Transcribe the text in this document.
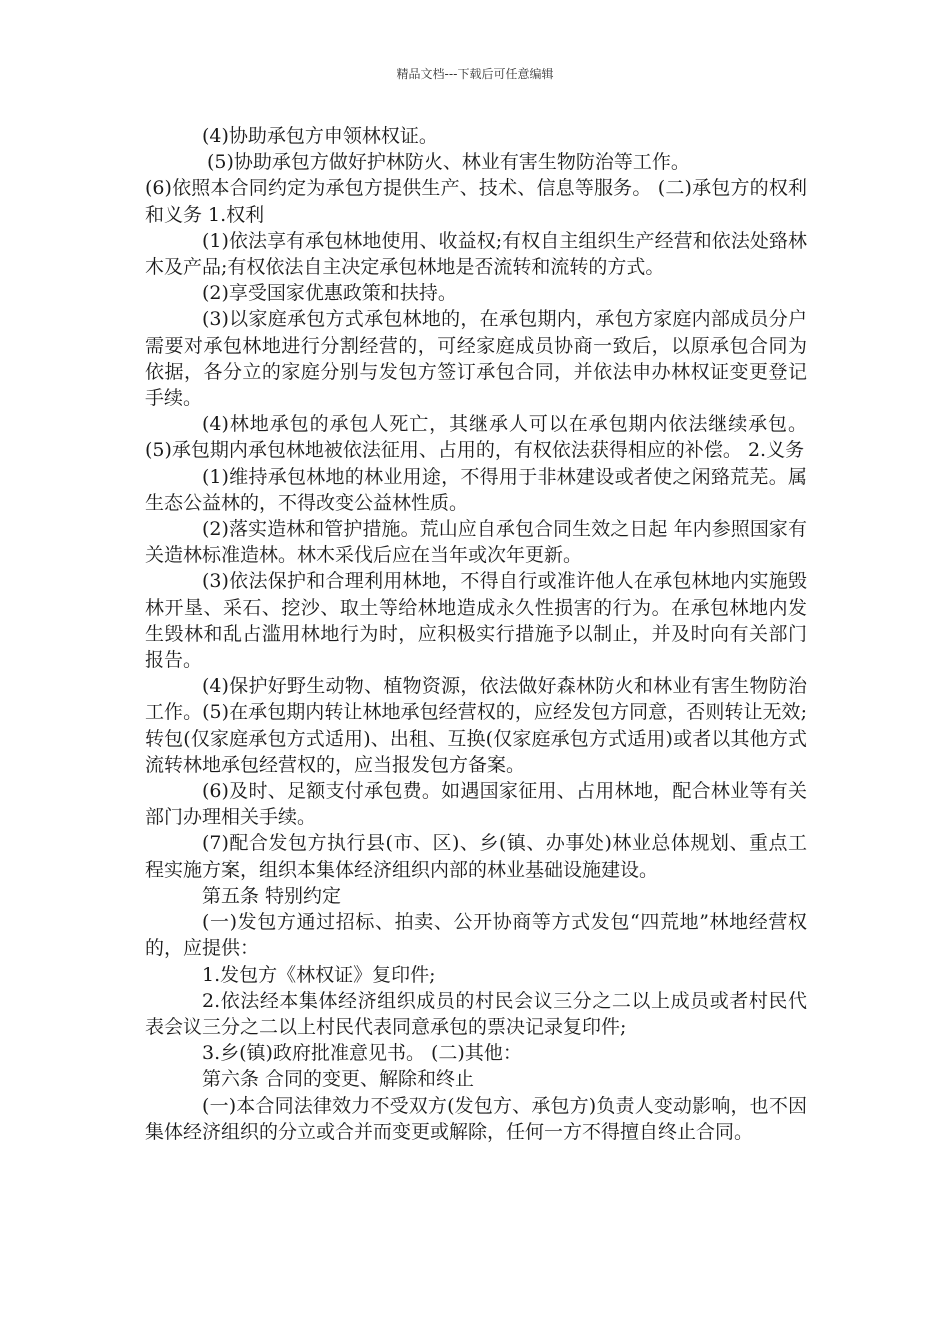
精品文档---下载后可任意编辑

(4)协助承包方申领林权证。

(5)协助承包方做好护林防火、林业有害生物防治等工作。

(6)依照本合同约定为承包方提供生产、技术、信息等服务。 (二)承包方的权利和义务 1.权利

(1)依法享有承包林地使用、收益权;有权自主组织生产经营和依法处臵林木及产品;有权依法自主决定承包林地是否流转和流转的方式。

(2)享受国家优惠政策和扶持。

(3)以家庭承包方式承包林地的，在承包期内，承包方家庭内部成员分户需要对承包林地进行分割经营的，可经家庭成员协商一致后，以原承包合同为依据，各分立的家庭分别与发包方签订承包合同，并依法申办林权证变更登记手续。

(4)林地承包的承包人死亡，其继承人可以在承包期内依法继续承包。 (5)承包期内承包林地被依法征用、占用的，有权依法获得相应的补偿。 2.义务

(1)维持承包林地的林业用途，不得用于非林建设或者使之闲臵荒芜。属生态公益林的，不得改变公益林性质。

(2)落实造林和管护措施。荒山应自承包合同生效之日起 年内参照国家有关造林标准造林。林木采伐后应在当年或次年更新。

(3)依法保护和合理利用林地，不得自行或准许他人在承包林地内实施毁林开垦、采石、挖沙、取土等给林地造成永久性损害的行为。在承包林地内发生毁林和乱占滥用林地行为时，应积极实行措施予以制止，并及时向有关部门报告。

(4)保护好野生动物、植物资源，依法做好森林防火和林业有害生物防治工作。(5)在承包期内转让林地承包经营权的，应经发包方同意，否则转让无效;转包(仅家庭承包方式适用)、出租、互换(仅家庭承包方式适用)或者以其他方式流转林地承包经营权的，应当报发包方备案。

(6)及时、足额支付承包费。如遇国家征用、占用林地，配合林业等有关部门办理相关手续。

(7)配合发包方执行县(市、区)、乡(镇、办事处)林业总体规划、重点工程实施方案，组织本集体经济组织内部的林业基础设施建设。

第五条 特别约定

(一)发包方通过招标、拍卖、公开协商等方式发包“四荒地”林地经营权的，应提供：

1.发包方《林权证》复印件;

2.依法经本集体经济组织成员的村民会议三分之二以上成员或者村民代表会议三分之二以上村民代表同意承包的票决记录复印件;

3.乡(镇)政府批准意见书。 (二)其他：

第六条 合同的变更、解除和终止

(一)本合同法律效力不受双方(发包方、承包方)负责人变动影响，也不因集体经济组织的分立或合并而变更或解除，任何一方不得擅自终止合同。
